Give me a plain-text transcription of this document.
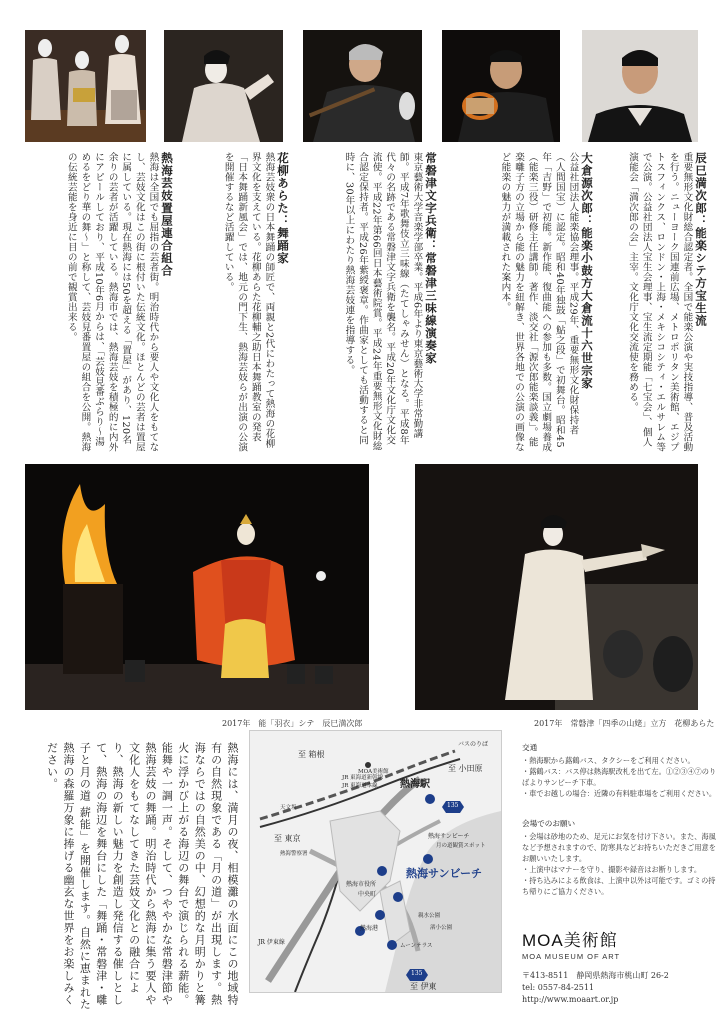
辰巳満次郎：能楽シテ方宝生流
重要無形文化財総合認定者。全国で能楽公演や実技指導、普及活動を行う。ニューヨーク国連前広場、メトロポリタン美術館、エジプトスフィンクス、ロンドン・上海・メキシコシティ・エルサレム等で公演。公益社団法人宝生会理事、宝生流定期能「七宝会」、個人演能会「満次郎の会」主宰。文化庁文化交流使を務める。
大倉源次郎：能楽小鼓方大倉流十六世宗家
公益社団法人能楽協会理事。平成29年、重要無形文化財保持者（人間国宝）に認定。昭和40年独鼓「鮎之段」で初舞台。昭和45年「吉野」で初能。新作能、復曲能への参加も多数。国立劇場養成（能楽三役）研修主任講師。著作、淡交社「源次郎能楽談義」。能楽囃子方の立場から能の魅力を紐解き、世界各地での公演の画像など能楽の魅力が満載された案内本。
常磐津文字兵衛：常磐津三味線演奏家
東京藝術大学音楽学部卒業。平成6年より東京藝術大学非常勤講師。平成7年歌舞伎立三味線（たてしゃみせん）となる。平成8年代々の名跡である常磐津文字兵衛を襲名。平成20年文化庁文化交流使。平成22年第66回日本藝術院賞。平成24年重要無形文化財総合認定保持者。平成26年紫綬褒章。作曲家としても活動すると同時に、30年以上にわたり熱海芸妓連を指導する。
花柳あらた：舞踊家
熱海芸妓衆の日本舞踊の師匠で、両親と2代にわたって熱海の花柳界文化を支えている。花柳あらた花柳輔之助日本舞踊教室の発表「日本舞踊新風会」では、地元の門下生、熱海芸妓らが出演の公演を開催するなど活躍している。
熱海芸妓置屋連合組合
熱海は全国でも屈指の芸者街。明治時代から要人や文化人をもてなし、芸妓文化はこの街に根付いた伝統文化。ほとんどの芸者は置屋に属している。現在熱海には50を超える「置屋」があり、120名余りの芸者が活躍している。熱海市では、熱海芸妓を積極的に内外にアピールしており、平成10年6月からは、「芸妓見番ぶらり～湯めるをどり華の舞～」と称して、芸妓見番置屋の組合を公開。熱海の伝統芸能を身近に目の前で観賞出来る。
2017年　能「羽衣」シテ　辰巳満次郎	2017年　常磐津「四季の山姥」立方　花柳あらた
熱海には、満月の夜、相模灘の水面にこの地域特有の自然現象である「月の道」が出現します。熱海ならではの自然美の中、幻想的な月明かりと篝火に浮かび上がる海辺の舞台で演じられる薪能。能舞や一調一声。そして、つややかな常磐津節や熱海芸妓の舞踊。明治時代から熱海に集う要人や文化人をもてなしてきた芸妓文化との融合により、熱海の新しい魅力を創造し発信する催しとして、熱海の海辺を舞台にした「舞踊・常磐津・囃子と月の道 薪能」を開催します。自然に恵まれた熱海の森羅万象に捧げる幽玄な世界をお楽しみください。	至 箱根
JR 東海道新幹線
JR 東海道本線
至 小田原
熱海駅
バスのりば
天文坂
至 東京
熱海警察署
熱海サンビーチ
親水公園
渚小公園
ムーンテラス
月の道観賞スポット
熱海市役所
中央町
熱海港
JR 伊東線
至 伊東
135
135
MOA美術館
熱海サンビーチ
交通
・熱海駅から蕗鶴バス、タクシーをご利用ください。
・蕗鶴バス：バス停は熱海駅改札を出て左。①②③④⑦のりばよりサンビーチ下車。
・車でお越しの場合：近隣の有料駐車場をご利用ください。
会場でのお願い
・会場は砂地のため、足元にお気を付け下さい。また、海風など予想されますので、防寒具などお持ちいただきご用意をお願いいたします。
・上演中はマナーを守り、撮影や録音はお断りします。
・持ち込みによる飲食は、上演中以外は可能です。ゴミの持ち帰りにご協力ください。
MOA美術館
MOA MUSEUM OF ART
〒413-8511　静岡県熱海市桃山町 26-2
tel: 0557-84-2511
http://www.moaart.or.jp
